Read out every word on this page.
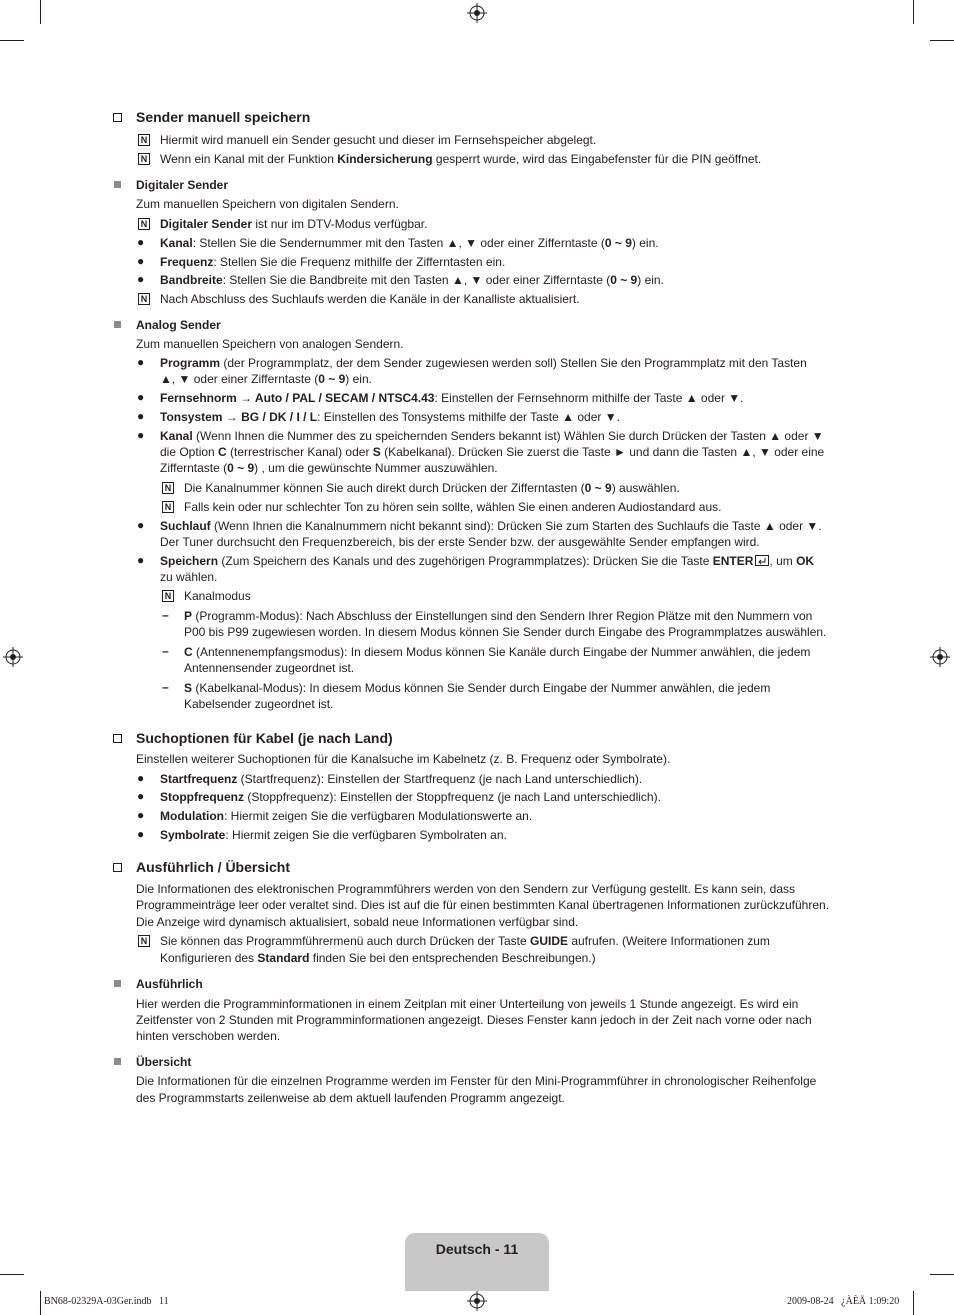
Sender manuell speichern
N Hiermit wird manuell ein Sender gesucht und dieser im Fernsehspeicher abgelegt.
N Wenn ein Kanal mit der Funktion Kindersicherung gesperrt wurde, wird das Eingabefenster für die PIN geöffnet.
Digitaler Sender
Zum manuellen Speichern von digitalen Sendern.
N Digitaler Sender ist nur im DTV-Modus verfügbar.
● Kanal: Stellen Sie die Sendernummer mit den Tasten ▲, ▼ oder einer Zifferntaste (0 ~ 9) ein.
● Frequenz: Stellen Sie die Frequenz mithilfe der Zifferntasten ein.
● Bandbreite: Stellen Sie die Bandbreite mit den Tasten ▲, ▼ oder einer Zifferntaste (0 ~ 9) ein.
N Nach Abschluss des Suchlaufs werden die Kanäle in der Kanalliste aktualisiert.
Analog Sender
Zum manuellen Speichern von analogen Sendern.
● Programm (der Programmplatz, der dem Sender zugewiesen werden soll) Stellen Sie den Programmplatz mit den Tasten
▲, ▼ oder einer Zifferntaste (0 ~ 9) ein.
● Fernsehnorm → Auto / PAL / SECAM / NTSC4.43: Einstellen der Fernsehnorm mithilfe der Taste ▲ oder ▼.
● Tonsystem → BG / DK / I / L: Einstellen des Tonsystems mithilfe der Taste ▲ oder ▼.
● Kanal (Wenn Ihnen die Nummer des zu speichernden Senders bekannt ist) Wählen Sie durch Drücken der Tasten ▲ oder ▼
die Option C (terrestrischer Kanal) oder S (Kabelkanal). Drücken Sie zuerst die Taste ► und dann die Tasten ▲, ▼ oder eine
Zifferntaste (0 ~ 9) , um die gewünschte Nummer auszuwählen.
N Die Kanalnummer können Sie auch direkt durch Drücken der Zifferntasten (0 ~ 9) auswählen.
N Falls kein oder nur schlechter Ton zu hören sein sollte, wählen Sie einen anderen Audiostandard aus.
● Suchlauf (Wenn Ihnen die Kanalnummern nicht bekannt sind): Drücken Sie zum Starten des Suchlaufs die Taste ▲ oder ▼.
Der Tuner durchsucht den Frequenzbereich, bis der erste Sender bzw. der ausgewählte Sender empfangen wird.
● Speichern (Zum Speichern des Kanals und des zugehörigen Programmplatzes): Drücken Sie die Taste ENTER , um OK
zu wählen.
N Kanalmodus
– P (Programm-Modus): Nach Abschluss der Einstellungen sind den Sendern Ihrer Region Plätze mit den Nummern von
P00 bis P99 zugewiesen worden. In diesem Modus können Sie Sender durch Eingabe des Programmplatzes auswählen.
– C (Antennenempfangsmodus): In diesem Modus können Sie Kanäle durch Eingabe der Nummer anwählen, die jedem
Antennensender zugeordnet ist.
– S (Kabelkanal-Modus): In diesem Modus können Sie Sender durch Eingabe der Nummer anwählen, die jedem
Kabelsender zugeordnet ist.
Suchoptionen für Kabel (je nach Land)
Einstellen weiterer Suchoptionen für die Kanalsuche im Kabelnetz (z. B. Frequenz oder Symbolrate).
● Startfrequenz (Startfrequenz): Einstellen der Startfrequenz (je nach Land unterschiedlich).
● Stoppfrequenz (Stoppfrequenz): Einstellen der Stoppfrequenz (je nach Land unterschiedlich).
● Modulation: Hiermit zeigen Sie die verfügbaren Modulationswerte an.
● Symbolrate: Hiermit zeigen Sie die verfügbaren Symbolraten an.
Ausführlich / Übersicht
Die Informationen des elektronischen Programmführers werden von den Sendern zur Verfügung gestellt. Es kann sein, dass
Programmeinträge leer oder veraltet sind. Dies ist auf die für einen bestimmten Kanal übertragenen Informationen zurückzuführen.
Die Anzeige wird dynamisch aktualisiert, sobald neue Informationen verfügbar sind.
N Sie können das Programmführermenü auch durch Drücken der Taste GUIDE aufrufen. (Weitere Informationen zum
Konfigurieren des Standard finden Sie bei den entsprechenden Beschreibungen.)
Ausführlich
Hier werden die Programminformationen in einem Zeitplan mit einer Unterteilung von jeweils 1 Stunde angezeigt. Es wird ein
Zeitfenster von 2 Stunden mit Programminformationen angezeigt. Dieses Fenster kann jedoch in der Zeit nach vorne oder nach
hinten verschoben werden.
Übersicht
Die Informationen für die einzelnen Programme werden im Fenster für den Mini-Programmführer in chronologischer Reihenfolge
des Programmstarts zeilenweise ab dem aktuell laufenden Programm angezeigt.
Deutsch - 11
BN68-02329A-03Ger.indb   11	2009-08-24   ¿ÀÈÄ 1:09:20
